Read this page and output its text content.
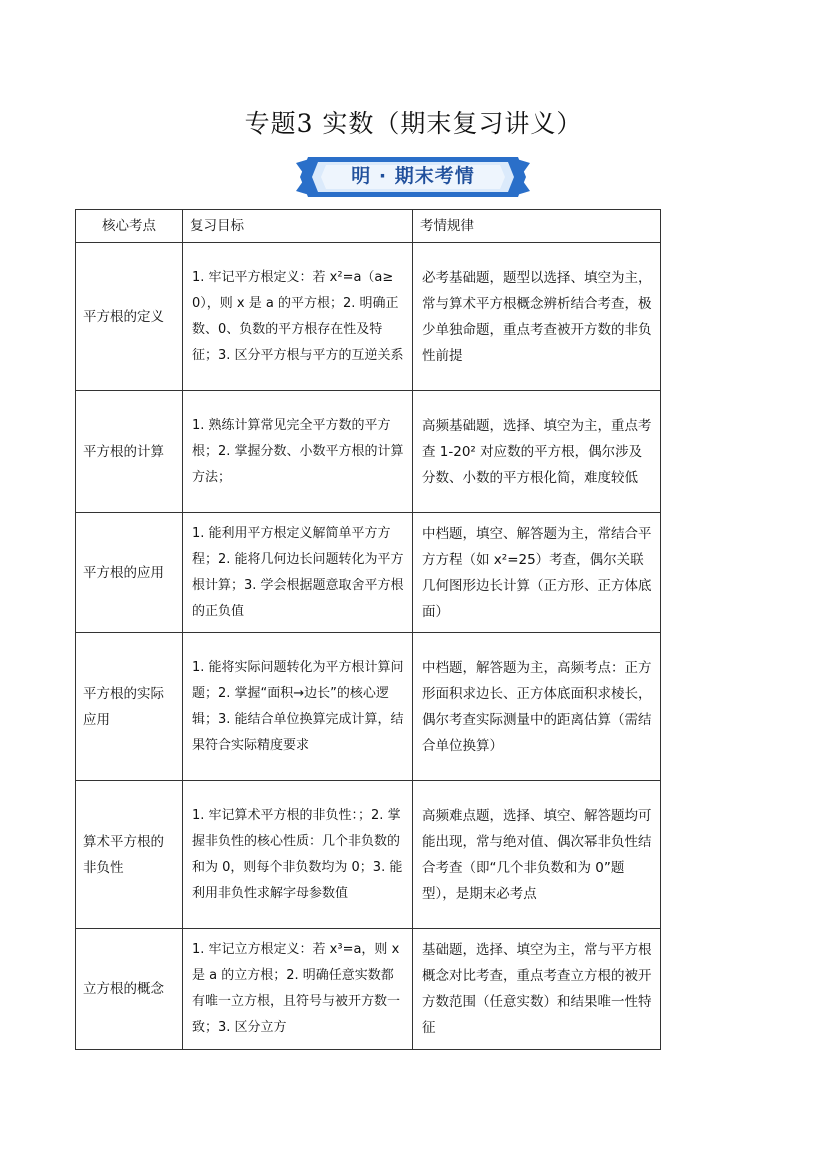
专题3 实数（期末复习讲义）
明 · 期末考情
核心考点	复习目标	考情规律
平方根的定义	1. 牢记平方根定义：若 x²=a（a≥0），则 x 是 a 的平方根；2. 明确正数、0、负数的平方根存在性及特征；3. 区分平方根与平方的互逆关系	必考基础题，题型以选择、填空为主，常与算术平方根概念辨析结合考查，极少单独命题，重点考查被开方数的非负性前提
平方根的计算	1. 熟练计算常见完全平方数的平方根；2. 掌握分数、小数平方根的计算方法；	高频基础题，选择、填空为主，重点考查 1-20² 对应数的平方根，偶尔涉及分数、小数的平方根化简，难度较低
平方根的应用	1. 能利用平方根定义解简单平方方程；2. 能将几何边长问题转化为平方根计算；3. 学会根据题意取舍平方根的正负值	中档题，填空、解答题为主，常结合平方方程（如 x²=25）考查，偶尔关联几何图形边长计算（正方形、正方体底面）
平方根的实际应用	1. 能将实际问题转化为平方根计算问题；2. 掌握“面积→边长”的核心逻辑；3. 能结合单位换算完成计算，结果符合实际精度要求	中档题，解答题为主，高频考点：正方形面积求边长、正方体底面积求棱长，偶尔考查实际测量中的距离估算（需结合单位换算）
算术平方根的非负性	1. 牢记算术平方根的非负性：；2. 掌握非负性的核心性质：几个非负数的和为 0，则每个非负数均为 0；3. 能利用非负性求解字母参数值	高频难点题，选择、填空、解答题均可能出现，常与绝对值、偶次幂非负性结合考查（即“几个非负数和为 0”题型），是期末必考点
立方根的概念	1. 牢记立方根定义：若 x³=a，则 x 是 a 的立方根；2. 明确任意实数都有唯一立方根，且符号与被开方数一致；3. 区分立方	基础题，选择、填空为主，常与平方根概念对比考查，重点考查立方根的被开方数范围（任意实数）和结果唯一性特征
